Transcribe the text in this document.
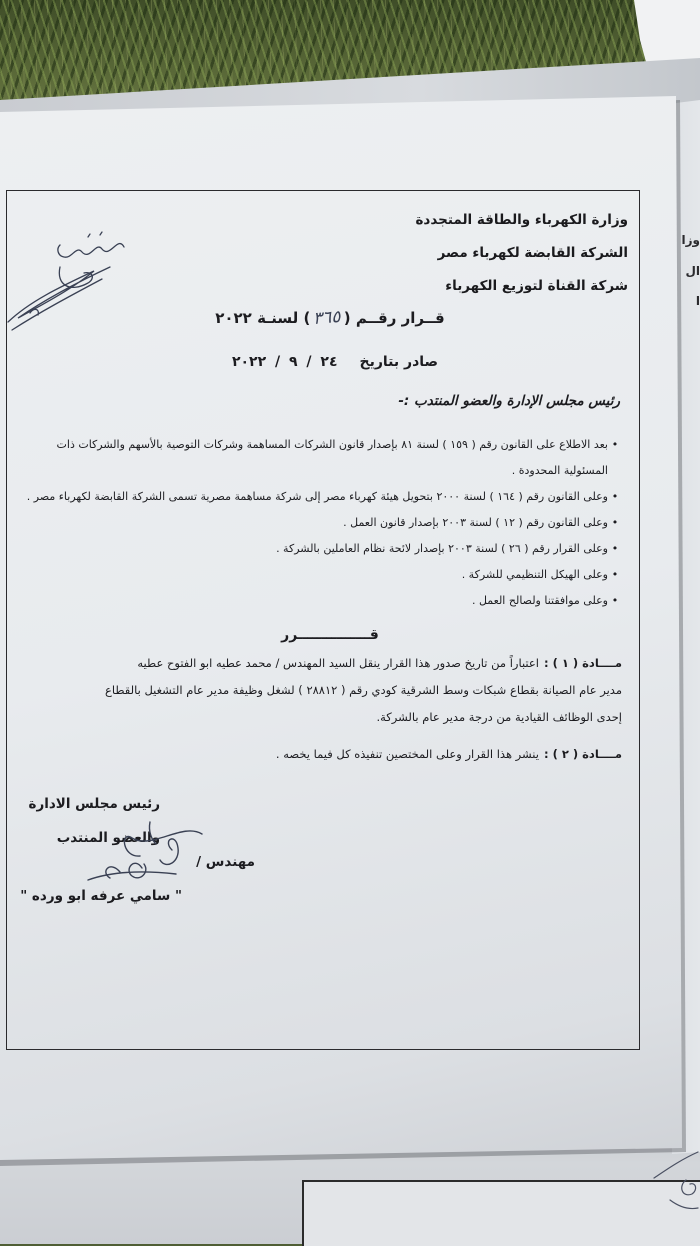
وزا
ال
ا
وزارة الكهرباء والطاقة المتجددة
الشركة القابضة لكهرباء مصر
شركة القناة لتوزيع الكهرباء
قــرار رقــم (٣٦٥) لسنـة ٢٠٢٢
صادر بتاريخ٢٤ / ٩ / ٢٠٢٢
رئيس مجلس الإدارة والعضو المنتدب :-
•
بعد الاطلاع على القانون رقم ( ١٥٩ ) لسنة ٨١ بإصدار قانون الشركات المساهمة وشركات التوصية بالأسهم والشركات ذات
المسئولية المحدودة .
•
وعلى القانون رقم ( ١٦٤ ) لسنة ٢٠٠٠ بتحويل هيئة كهرباء مصر إلى شركة مساهمة مصرية تسمى الشركة القابضة لكهرباء مصر .
•
وعلى القانون رقم ( ١٢ ) لسنة ٢٠٠٣ بإصدار قانون العمل .
•
وعلى القرار رقم ( ٢٦ ) لسنة ٢٠٠٣ بإصدار لائحة نظام العاملين بالشركة .
•
وعلى الهيكل التنظيمي للشركة .
•
وعلى موافقتنا ولصالح العمل .
قـــــــــــــــرر
مــــادة ( ١ ) :اعتباراً من تاريخ صدور هذا القرار ينقل السيد المهندس / محمد عطيه ابو الفتوح عطيه
مدير عام الصيانة بقطاع شبكات وسط الشرقية كودي رقم ( ٢٨٨١٢ ) لشغل وظيفة مدير عام التشغيل بالقطاع
إحدى الوظائف القيادية من درجة مدير عام بالشركة.
مــــادة ( ٢ ) :ينشر هذا القرار وعلى المختصين تنفيذه كل فيما يخصه .
رئيس مجلس الادارة
والعضو المنتدب
مهندس /
" سامي عرفه ابو ورده "
